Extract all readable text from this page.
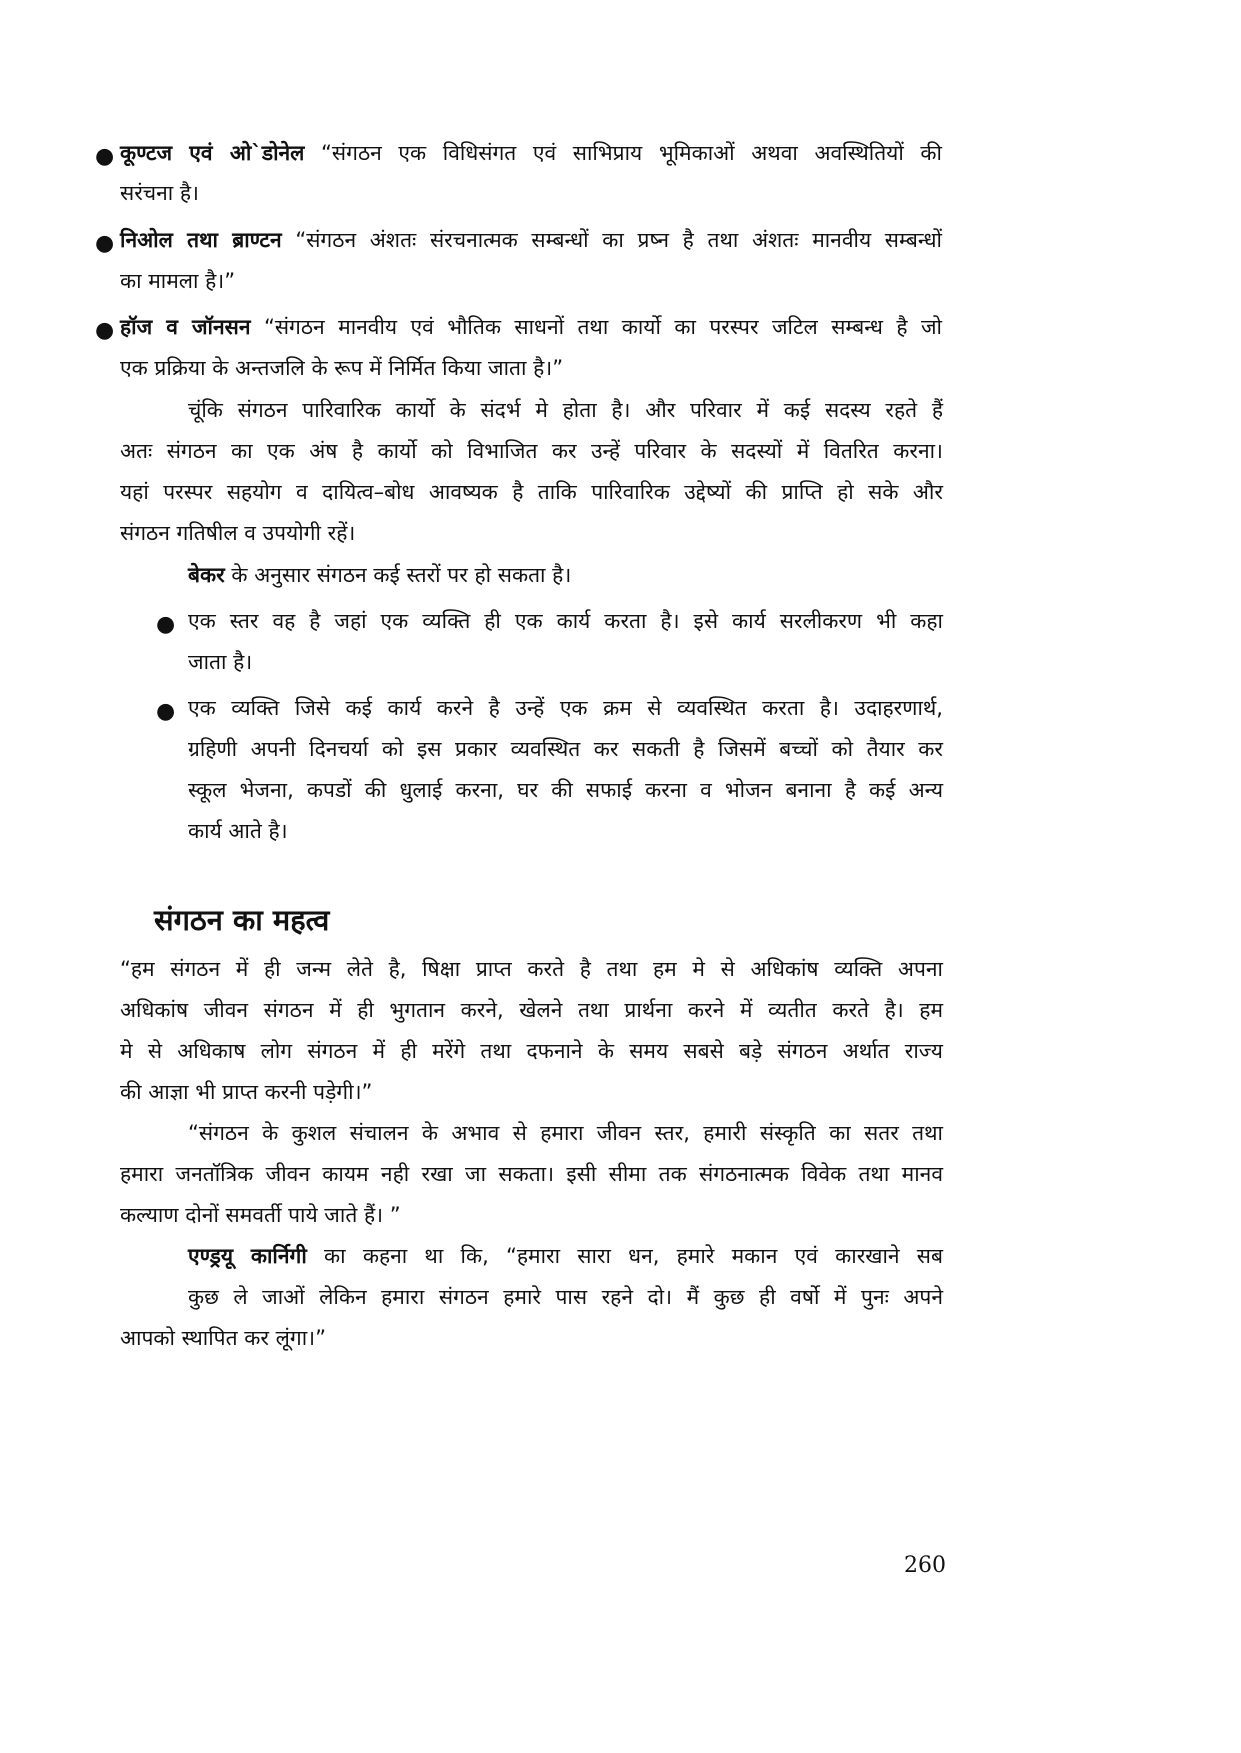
● कूण्टज एवं ओ`डोनेल “संगठन एक विधिसंगत एवं साभिप्राय भूमिकाओं अथवा अवस्थितियों की
सरंचना है।
● निओल तथा ब्राण्टन “संगठन अंशतः संरचनात्मक सम्बन्धों का प्रष्न है तथा अंशतः मानवीय सम्बन्धों
का मामला है।”
● हॉज व जॉनसन “संगठन मानवीय एवं भौतिक साधनों तथा कार्यो का परस्पर जटिल सम्बन्ध है जो
एक प्रक्रिया के अन्तजलि के रूप में निर्मित किया जाता है।”
चूंकि संगठन पारिवारिक कार्यो के संदर्भ मे होता है। और परिवार में कई सदस्य रहते हैं
अतः संगठन का एक अंष है कार्यो को विभाजित कर उन्हें परिवार के सदस्यों में वितरित करना।
यहां परस्पर सहयोग व दायित्व–बोध आवष्यक है ताकि पारिवारिक उद्देष्यों की प्राप्ति हो सके और
संगठन गतिषील व उपयोगी रहें।
बेकर के अनुसार संगठन कई स्तरों पर हो सकता है।
● एक स्तर वह है जहां एक व्यक्ति ही एक कार्य करता है। इसे कार्य सरलीकरण भी कहा
जाता है।
● एक व्यक्ति जिसे कई कार्य करने है उन्हें एक क्रम से व्यवस्थित करता है। उदाहरणार्थ,
ग्रहिणी अपनी दिनचर्या को इस प्रकार व्यवस्थित कर सकती है जिसमें बच्चों को तैयार कर
स्कूल भेजना, कपडों की धुलाई करना, घर की सफाई करना व भोजन बनाना है कई अन्य
कार्य आते है।
संगठन का महत्व
“हम संगठन में ही जन्म लेते है, षिक्षा प्राप्त करते है तथा हम मे से अधिकांष व्यक्ति अपना
अधिकांष जीवन संगठन में ही भुगतान करने, खेलने तथा प्रार्थना करने में व्यतीत करते है। हम
मे से अधिकाष लोग संगठन में ही मरेंगे तथा दफनाने के समय सबसे बड़े संगठन अर्थात राज्य
की आज्ञा भी प्राप्त करनी पड़ेगी।”
“संगठन के कुशल संचालन के अभाव से हमारा जीवन स्तर, हमारी संस्कृति का सतर तथा
हमारा जनतॉत्रिक जीवन कायम नही रखा जा सकता। इसी सीमा तक संगठनात्मक विवेक तथा मानव
कल्याण दोनों समवर्ती पाये जाते हैं। ”
एण्ड्रयू कार्निगी का कहना था कि, “हमारा सारा धन, हमारे मकान एवं कारखाने सब
कुछ ले जाओं लेकिन हमारा संगठन हमारे पास रहने दो। मैं कुछ ही वर्षो में पुनः अपने
आपको स्थापित कर लूंगा।”
260
